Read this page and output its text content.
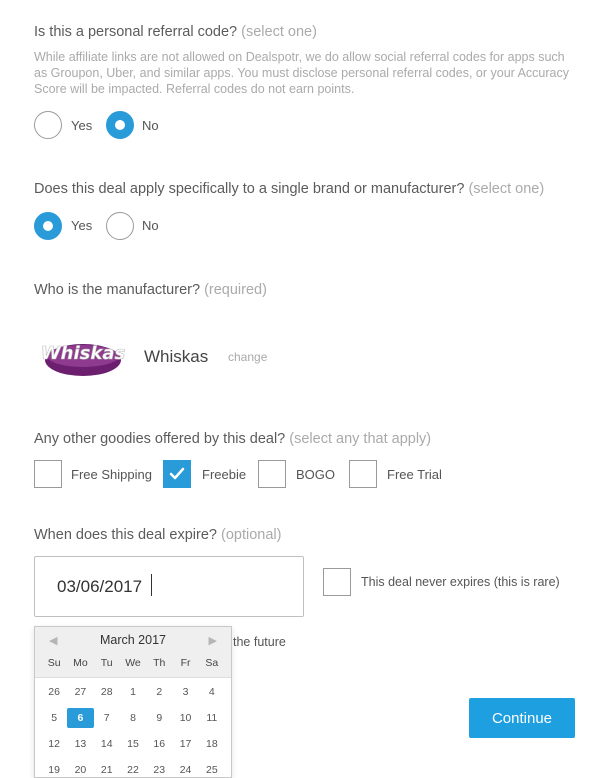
Is this a personal referral code? (select one)
While affiliate links are not allowed on Dealspotr, we do allow social referral codes for apps such as Groupon, Uber, and similar apps. You must disclose personal referral codes, or your Accuracy Score will be impacted. Referral codes do not earn points.
Yes	No
Does this deal apply specifically to a single brand or manufacturer? (select one)
Yes	No
Who is the manufacturer? (required)
Whiskas Whiskas change
Any other goodies offered by this deal? (select any that apply)
Free Shipping	Freebie	BOGO	Free Trial
When does this deal expire? (optional)
03/06/2017
This deal never expires (this is rare)
the future
◀	March 2017	▶
Su	Mo	Tu	We	Th	Fr	Sa
26	27	28	1	2	3	4
5	6	7	8	9	10	11
12	13	14	15	16	17	18
19	20	21	22	23	24	25
Continue
